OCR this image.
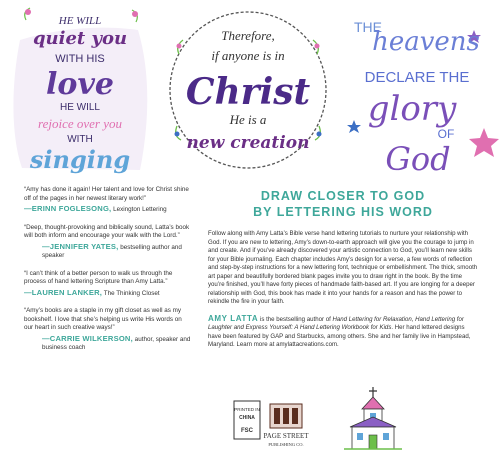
HE WILL
quiet you
WITH HIS
love
HE WILL
rejoice over you
WITH
singing
Therefore,
if anyone is in
Christ
He is a
new creation
THE
heavens
DECLARE THE
glory
OF
God
“Amy has done it again! Her talent and love for Christ shine off of the pages in her newest literary work!”
—ERINN FOGLESONG, Lexington Lettering
“Deep, thought-provoking and biblically sound, Latta’s book will both inform and encourage your walk with the Lord.”
—JENNIFER YATES, bestselling author and speaker
“I can’t think of a better person to walk us through the process of hand lettering Scripture than Amy Latta.”
—LAUREN LANKER, The Thinking Closet
“Amy’s books are a staple in my gift closet as well as my bookshelf. I love that she’s helping us write His words on our heart in such creative ways!”
—CARRIE WILKERSON, author, speaker and business coach
DRAW CLOSER TO GOD
BY LETTERING HIS WORD

Follow along with Amy Latta’s Bible verse hand lettering tutorials to nurture your relationship with God. If you are new to lettering, Amy’s down-to-earth approach will give you the courage to jump in and create. And if you’ve already discovered your artistic connection to God, you’ll learn new skills for your Bible journaling. Each chapter includes Amy’s design for a verse, a few words of reflection and step-by-step instructions for a new lettering font, technique or embellishment. The thick, smooth art paper and beautifully bordered blank pages invite you to draw right in the book. By the time you’re finished, you’ll have forty pieces of handmade faith-based art. If you are longing for a deeper relationship with God, this book has made it into your hands for a reason and has the power to rekindle the fire in your faith.

AMY LATTA is the bestselling author of Hand Lettering for Relaxation, Hand Lettering for Laughter and Express Yourself: A Hand Lettering Workbook for Kids. Her hand lettered designs have been featured by GAP and Starbucks, among others. She and her family live in Hampstead, Maryland. Learn more at amylattacreations.com.

PRINTED IN
CHINA
FSC
PAGE STREET
PUBLISHING CO.
